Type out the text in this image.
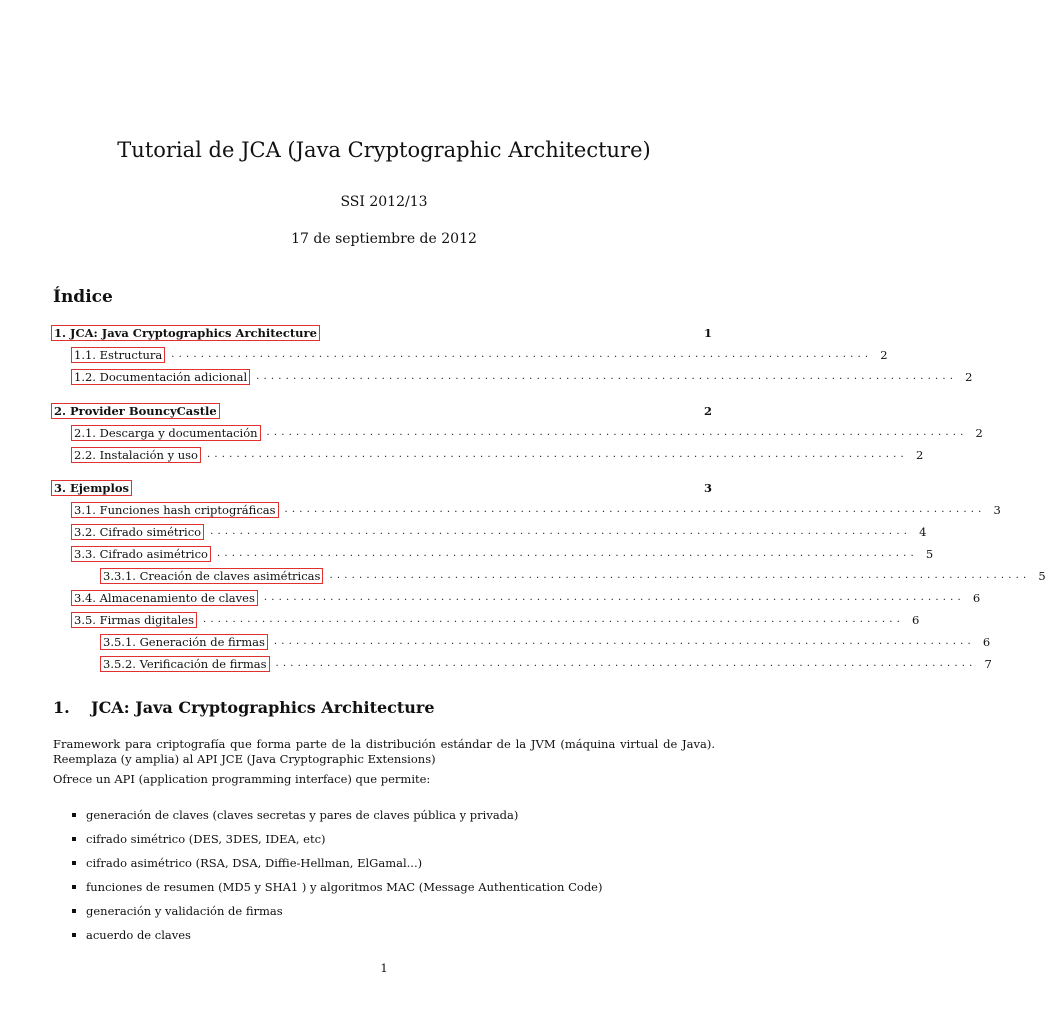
Tutorial de JCA (Java Cryptographic Architecture)
SSI 2012/13
17 de septiembre de 2012
Índice
1. JCA: Java Cryptographics Architecture	1
1.1. Estructura ............................................................................................... 2
1.2. Documentación adicional ............................................................................................... 2
2. Provider BouncyCastle	2
2.1. Descarga y documentación ............................................................................................... 2
2.2. Instalación y uso ............................................................................................... 2
3. Ejemplos	3
3.1. Funciones hash criptográficas ............................................................................................... 3
3.2. Cifrado simétrico ............................................................................................... 4
3.3. Cifrado asimétrico ............................................................................................... 5
3.3.1. Creación de claves asimétricas ............................................................................................... 5
3.4. Almacenamiento de claves ............................................................................................... 6
3.5. Firmas digitales ............................................................................................... 6
3.5.1. Generación de firmas ............................................................................................... 6
3.5.2. Verificación de firmas ............................................................................................... 7
1. JCA: Java Cryptographics Architecture
Framework para criptografía que forma parte de la distribución estándar de la JVM (máquina virtual de Java). Reemplaza (y amplia) al API JCE (Java Cryptographic Extensions)
Ofrece un API (application programming interface) que permite:
generación de claves (claves secretas y pares de claves pública y privada)
cifrado simétrico (DES, 3DES, IDEA, etc)
cifrado asimétrico (RSA, DSA, Diffie-Hellman, ElGamal...)
funciones de resumen (MD5 y SHA1 ) y algoritmos MAC (Message Authentication Code)
generación y validación de firmas
acuerdo de claves
1
